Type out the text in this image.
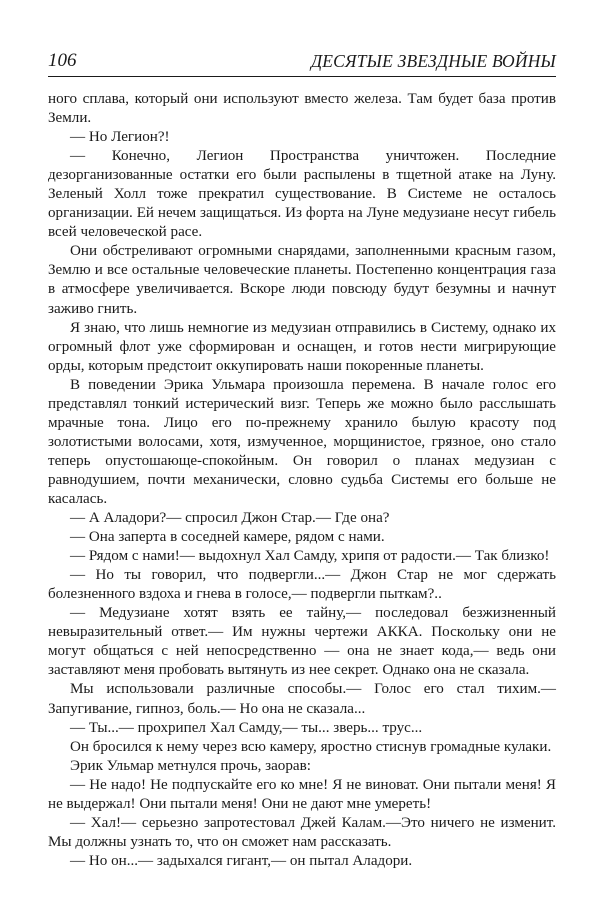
106	ДЕСЯТЫЕ ЗВЕЗДНЫЕ ВОЙНЫ

ного сплава, который они используют вместо железа. Там будет база против Земли.

— Но Легион?!

— Конечно, Легион Пространства уничтожен. Последние дезорганизованные остатки его были распылены в тщетной атаке на Луну. Зеленый Холл тоже прекратил существование. В Системе не осталось организации. Ей нечем защищаться. Из форта на Луне медузиане несут гибель всей человеческой расе.

Они обстреливают огромными снарядами, заполненными красным газом, Землю и все остальные человеческие планеты. Постепенно концентрация газа в атмосфере увеличивается. Вскоре люди повсюду будут безумны и начнут заживо гнить.

Я знаю, что лишь немногие из медузиан отправились в Систему, однако их огромный флот уже сформирован и оснащен, и готов нести мигрирующие орды, которым предстоит оккупировать наши покоренные планеты.

В поведении Эрика Ульмара произошла перемена. В начале голос его представлял тонкий истерический визг. Теперь же можно было расслышать мрачные тона. Лицо его по-прежнему хранило былую красоту под золотистыми волосами, хотя, измученное, морщинистое, грязное, оно стало теперь опустошающе-спокойным. Он говорил о планах медузиан с равнодушием, почти механически, словно судьба Системы его больше не касалась.

— А Аладори?— спросил Джон Стар.— Где она?

— Она заперта в соседней камере, рядом с нами.

— Рядом с нами!— выдохнул Хал Самду, хрипя от радости.— Так близко!

— Но ты говорил, что подвергли...— Джон Стар не мог сдержать болезненного вздоха и гнева в голосе,— подвергли пыткам?..

— Медузиане хотят взять ее тайну,— последовал безжизненный невыразительный ответ.— Им нужны чертежи АККА. Поскольку они не могут общаться с ней непосредственно — она не знает кода,— ведь они заставляют меня пробовать вытянуть из нее секрет. Однако она не сказала.

Мы использовали различные способы.— Голос его стал тихим.— Запугивание, гипноз, боль.— Но она не сказала...

— Ты...— прохрипел Хал Самду,— ты... зверь... трус...

Он бросился к нему через всю камеру, яростно стиснув громадные кулаки.

Эрик Ульмар метнулся прочь, заорав:

— Не надо! Не подпускайте его ко мне! Я не виноват. Они пытали меня! Я не выдержал! Они пытали меня! Они не дают мне умереть!

— Хал!— серьезно запротестовал Джей Калам.—Это ничего не изменит. Мы должны узнать то, что он сможет нам рассказать.

— Но он...— задыхался гигант,— он пытал Аладори.
